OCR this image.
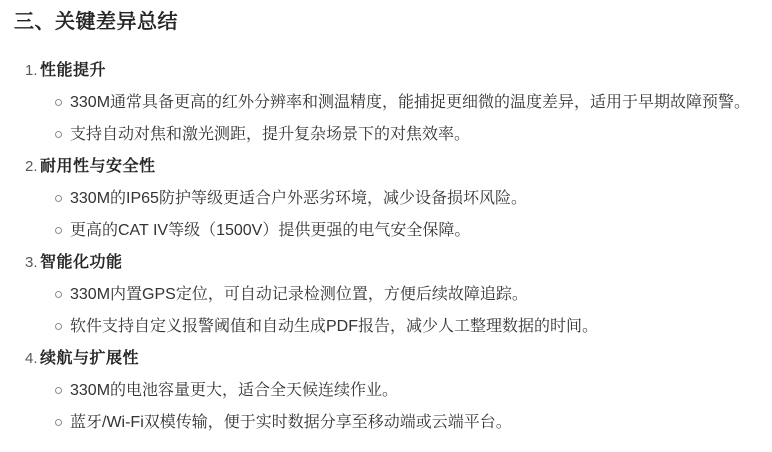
三、关键差异总结
1. 性能提升
330M通常具备更高的红外分辨率和测温精度，能捕捉更细微的温度差异，适用于早期故障预警。
支持自动对焦和激光测距，提升复杂场景下的对焦效率。
2. 耐用性与安全性
330M的IP65防护等级更适合户外恶劣环境，减少设备损坏风险。
更高的CAT IV等级（1500V）提供更强的电气安全保障。
3. 智能化功能
330M内置GPS定位，可自动记录检测位置，方便后续故障追踪。
软件支持自定义报警阈值和自动生成PDF报告，减少人工整理数据的时间。
4. 续航与扩展性
330M的电池容量更大，适合全天候连续作业。
蓝牙/Wi-Fi双模传输，便于实时数据分享至移动端或云端平台。
